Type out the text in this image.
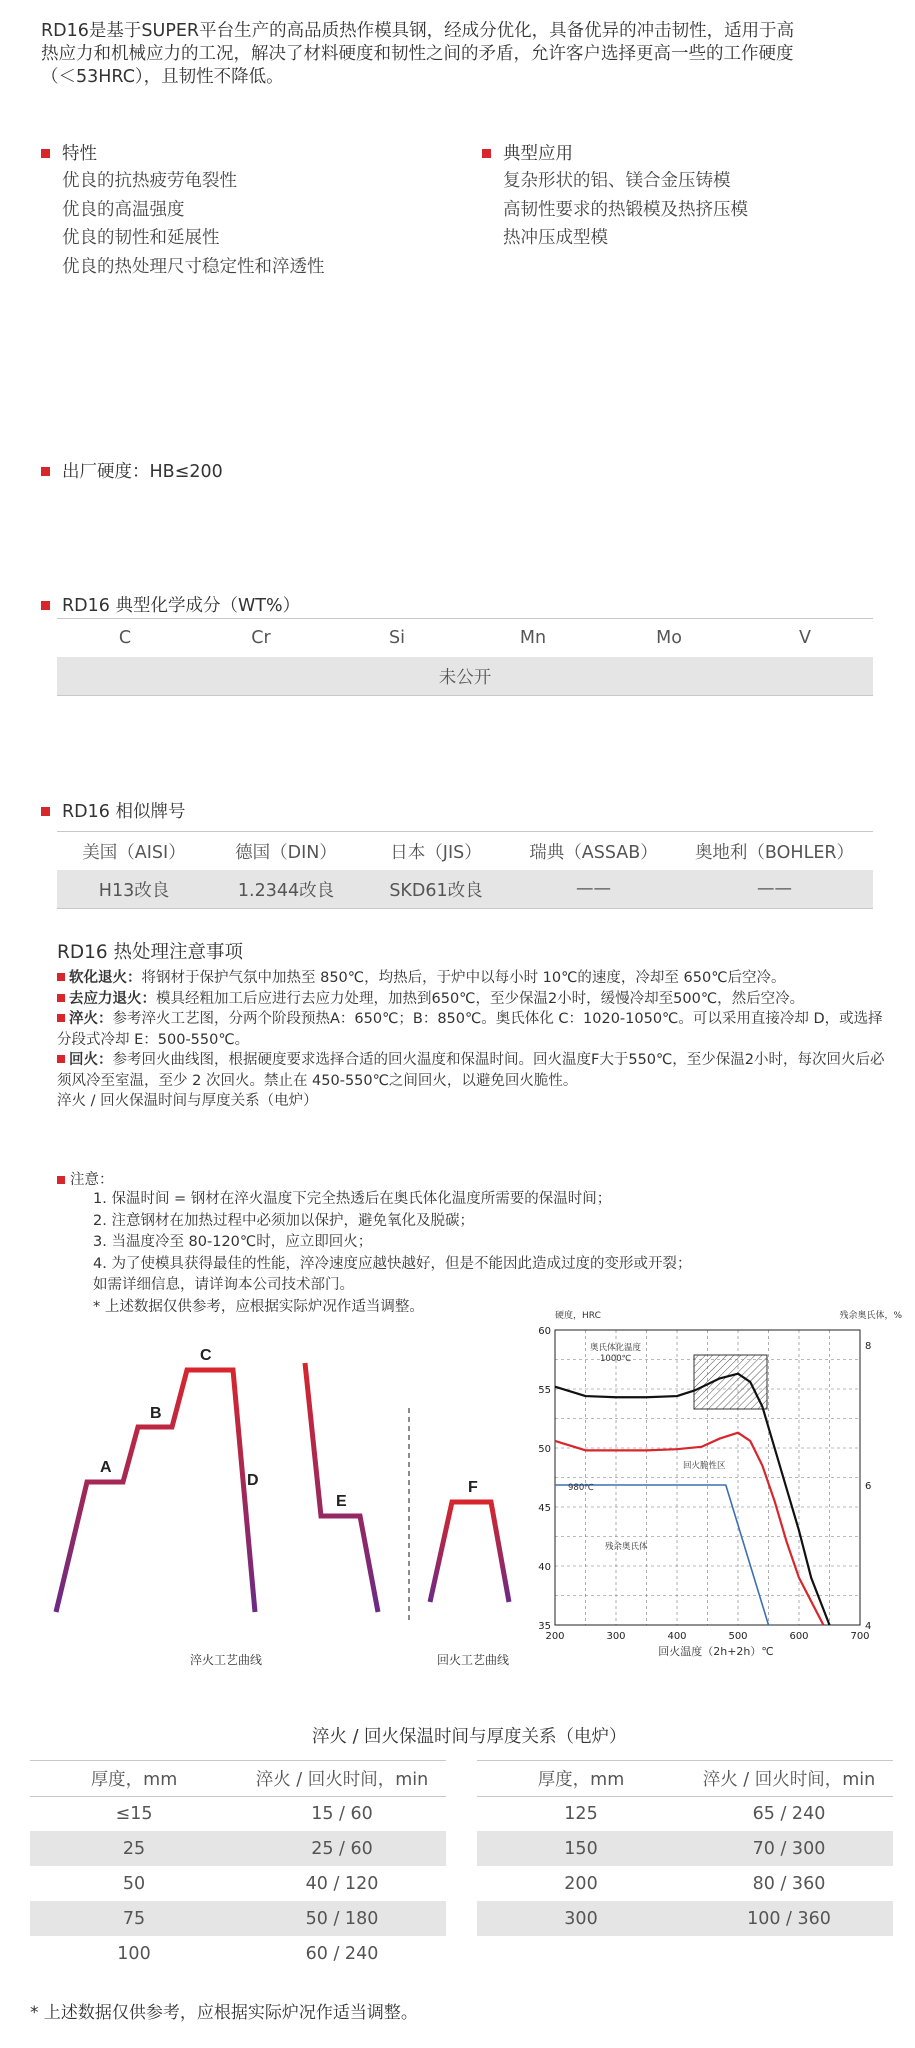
RD16是基于SUPER平台生产的高品质热作模具钢，经成分优化，具备优异的冲击韧性，适用于高热应力和机械应力的工况，解决了材料硬度和韧性之间的矛盾，允许客户选择更高一些的工作硬度（＜53HRC），且韧性不降低。
特性
优良的抗热疲劳龟裂性
优良的高温强度
优良的韧性和延展性
优良的热处理尺寸稳定性和淬透性
典型应用
复杂形状的铝、镁合金压铸模
高韧性要求的热锻模及热挤压模
热冲压成型模
出厂硬度：HB≤200
RD16 典型化学成分（WT%）
C	Cr	Si	Mn	Mo	V
未公开
RD16 相似牌号
美国（AISI）	德国（DIN）	日本（JIS）	瑞典（ASSAB）	奥地利（BOHLER）
H13改良	1.2344改良	SKD61改良	——	——
RD16 热处理注意事项
软化退火：将钢材于保护气氛中加热至 850℃，均热后，于炉中以每小时 10℃的速度，冷却至 650℃后空冷。
去应力退火：模具经粗加工后应进行去应力处理，加热到650℃，至少保温2小时，缓慢冷却至500℃，然后空冷。
淬火：参考淬火工艺图，分两个阶段预热A：650℃；B：850℃。奥氏体化 C：1020-1050℃。可以采用直接冷却 D，或选择分段式冷却 E：500-550℃。
回火：参考回火曲线图，根据硬度要求选择合适的回火温度和保温时间。回火温度F大于550℃，至少保温2小时，每次回火后必须风冷至室温，至少 2 次回火。禁止在 450-550℃之间回火，以避免回火脆性。
淬火 / 回火保温时间与厚度关系（电炉）
注意：
1. 保温时间 = 钢材在淬火温度下完全热透后在奥氏体化温度所需要的保温时间；
2. 注意钢材在加热过程中必须加以保护，避免氧化及脱碳；
3. 当温度冷至 80-120℃时，应立即回火；
4. 为了使模具获得最佳的性能，淬冷速度应越快越好，但是不能因此造成过度的变形或开裂；
如需详细信息，请详询本公司技术部门。
* 上述数据仅供参考，应根据实际炉况作适当调整。
A
B
C
D
E
F
淬火工艺曲线	回火工艺曲线
200	300	400	500	600	700
35
40
45
50
55
60
4
6
8
硬度，HRC	残余奥氏体，%
回火温度（2h+2h）℃
奥氏体化温度
1000℃
980℃
回火脆性区
残余奥氏体
淬火 / 回火保温时间与厚度关系（电炉）
厚度，mm	淬火 / 回火时间，min
≤15	15 / 60
25	25 / 60
50	40 / 120
75	50 / 180
100	60 / 240
厚度，mm	淬火 / 回火时间，min
125	65 / 240
150	70 / 300
200	80 / 360
300	100 / 360
* 上述数据仅供参考，应根据实际炉况作适当调整。
